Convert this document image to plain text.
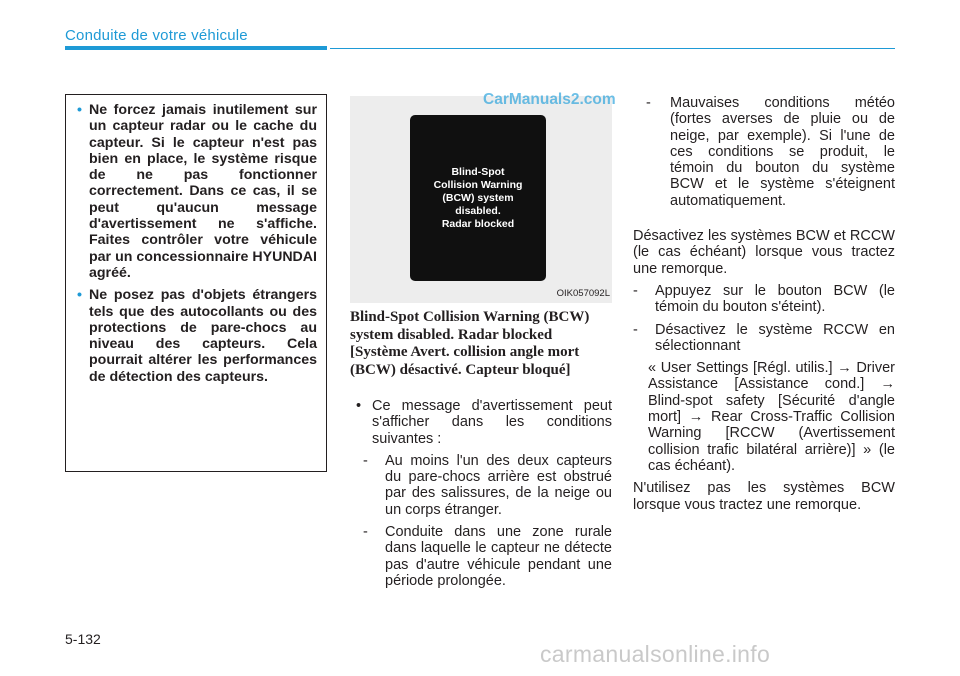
Conduite de votre véhicule
• Ne forcez jamais inutilement sur un capteur radar ou le cache du capteur. Si le capteur n'est pas bien en place, le système risque de ne pas fonctionner correctement. Dans ce cas, il se peut qu'aucun message d'avertissement ne s'affiche. Faites contrôler votre véhicule par un concessionnaire HYUNDAI agréé.
• Ne posez pas d'objets étrangers tels que des autocollants ou des protections de pare-chocs au niveau des capteurs. Cela pourrait altérer les performances de détection des capteurs.
Blind-Spot
Collision Warning
(BCW) system
disabled.
Radar blocked
OIK057092L
CarManuals2.com
Blind-Spot Collision Warning (BCW) system disabled. Radar blocked [Système Avert. collision angle mort (BCW) désactivé. Capteur bloqué]
• Ce message d'avertissement peut s'afficher dans les conditions suivantes :
- Au moins l'un des deux capteurs du pare-chocs arrière est obstrué par des salissures, de la neige ou un corps étranger.
- Conduite dans une zone rurale dans laquelle le capteur ne détecte pas d'autre véhicule pendant une période prolongée.
- Mauvaises conditions météo (fortes averses de pluie ou de neige, par exemple). Si l'une de ces conditions se produit, le témoin du bouton du système BCW et le système s'éteignent automatiquement.
Désactivez les systèmes BCW et RCCW (le cas échéant) lorsque vous tractez une remorque.
- Appuyez sur le bouton BCW (le témoin du bouton s'éteint).
- Désactivez le système RCCW en sélectionnant
« User Settings [Régl. utilis.] → Driver Assistance [Assistance cond.] → Blind-spot safety [Sécurité d'angle mort] → Rear Cross-Traffic Collision Warning [RCCW (Avertissement collision trafic bilatéral arrière)] » (le cas échéant).
N'utilisez pas les systèmes BCW lorsque vous tractez une remorque.
5-132
carmanualsonline.info
